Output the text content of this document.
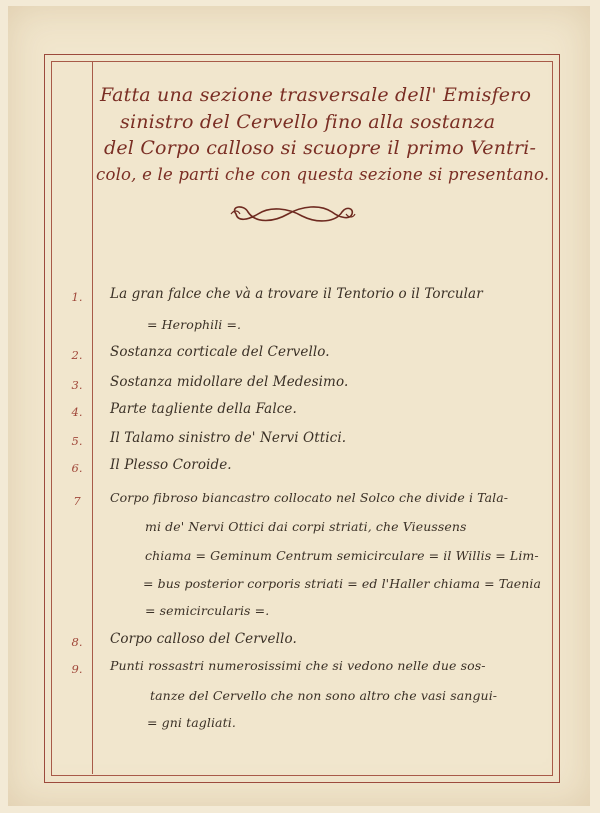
Fatta una sezione trasversale dell' Emisfero
sinistro del Cervello fino alla sostanza
del Corpo calloso si scuopre il primo Ventri-
colo, e le parti che con questa sezione si presentano.
1.	La gran falce che và a trovare il Tentorio o il Torcular
= Herophili =.
2.	Sostanza corticale del Cervello.
3.	Sostanza midollare del Medesimo.
4.	Parte tagliente della Falce.
5.	Il Talamo sinistro de' Nervi Ottici.
6.	Il Plesso Coroide.
7	Corpo fibroso biancastro collocato nel Solco che divide i Tala-
mi de' Nervi Ottici dai corpi striati, che Vieussens
chiama = Geminum Centrum semicirculare = il Willis = Lim-
= bus posterior corporis striati = ed l'Haller chiama = Taenia
= semicircularis =.
8.	Corpo calloso del Cervello.
9.	Punti rossastri numerosissimi che si vedono nelle due sos-
tanze del Cervello che non sono altro che vasi sangui-
= gni tagliati.
